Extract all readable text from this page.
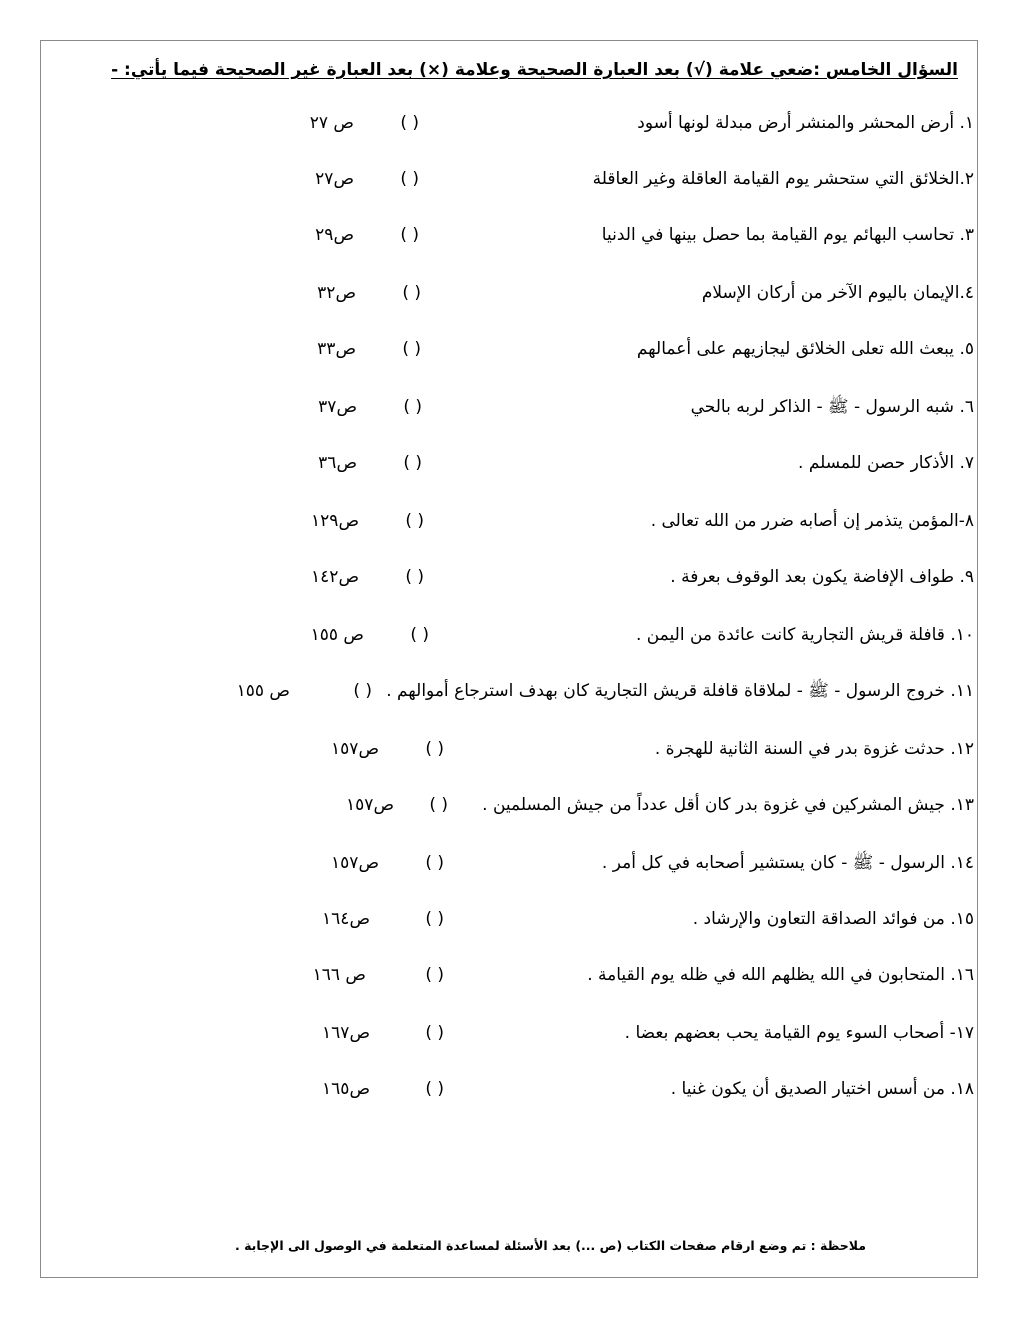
السؤال الخامس :ضعي علامة (√) بعد العبارة الصحيحة وعلامة (×) بعد العبارة غير الصحيحة فيما يأتي: -
١. أرض المحشر والمنشر أرض مبدلة لونها أسود
( )
ص ٢٧
٢.الخلائق التي ستحشر يوم القيامة العاقلة وغير العاقلة
( )
ص٢٧
٣. تحاسب البهائم يوم القيامة بما حصل بينها في الدنيا
( )
ص٢٩
٤.الإيمان باليوم الآخر من أركان الإسلام
( )
ص٣٢
٥. يبعث الله تعلى الخلائق ليجازيهم على أعمالهم
( )
ص٣٣
٦. شبه الرسول - ﷺ - الذاكر لربه بالحي
( )
ص٣٧
٧. الأذكار حصن للمسلم .
( )
ص٣٦
٨-المؤمن يتذمر إن أصابه ضرر من الله تعالى .
( )
ص١٢٩
٩. طواف الإفاضة يكون بعد الوقوف بعرفة .
( )
ص١٤٢
١٠. قافلة قريش التجارية كانت عائدة من اليمن .
( )
ص ١٥٥
١١. خروج الرسول - ﷺ - لملاقاة قافلة قريش التجارية كان بهدف استرجاع أموالهم .
( )
ص ١٥٥
١٢. حدثت غزوة بدر في السنة الثانية للهجرة .
( )
ص١٥٧
١٣. جيش المشركين في غزوة بدر كان أقل عدداً من جيش المسلمين .
( )
ص١٥٧
١٤. الرسول - ﷺ - كان يستشير أصحابه في كل أمر .
( )
ص١٥٧
١٥. من فوائد الصداقة التعاون والإرشاد .
( )
ص١٦٤
١٦. المتحابون في الله يظلهم الله في ظله يوم القيامة .
( )
ص ١٦٦
١٧- أصحاب السوء يوم القيامة يحب بعضهم بعضا .
( )
ص١٦٧
١٨. من أسس اختيار الصديق أن يكون غنيا .
( )
ص١٦٥
ملاحظة : تم وضع ارقام صفحات الكتاب (ص ...) بعد الأسئلة لمساعدة المتعلمة في الوصول الى الإجابة .
